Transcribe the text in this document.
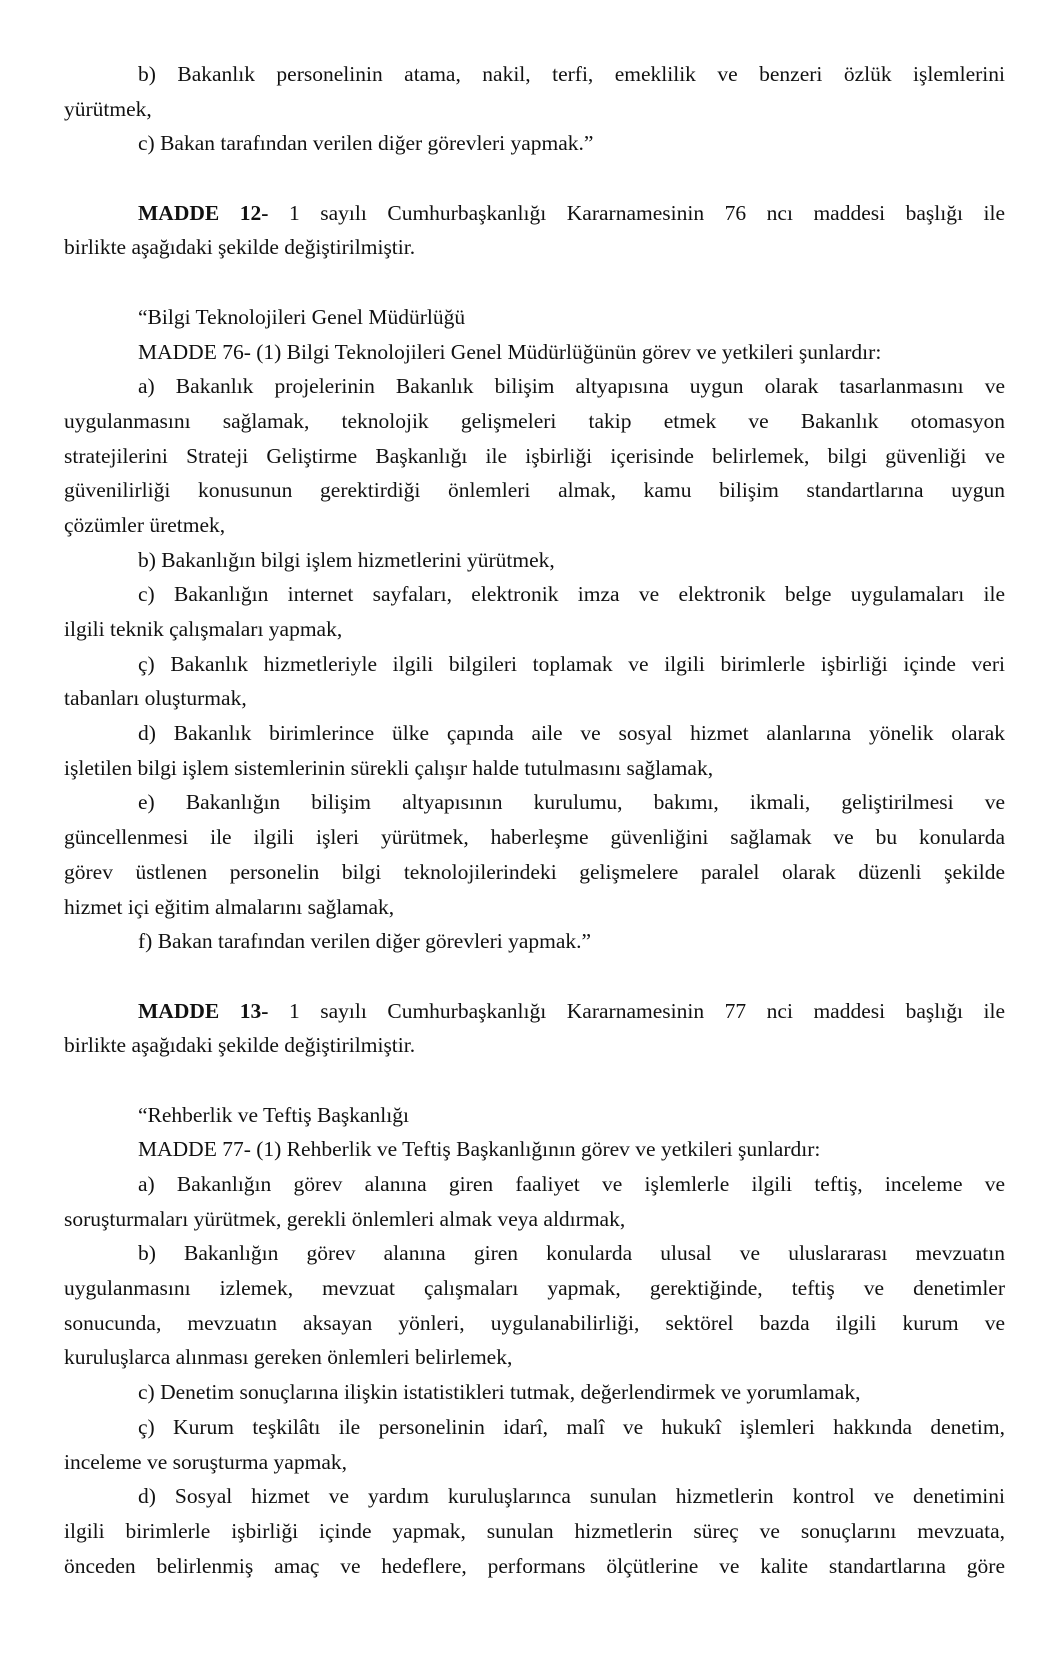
b) Bakanlık personelinin atama, nakil, terfi, emeklilik ve benzeri özlük işlemlerini
yürütmek,
c) Bakan tarafından verilen diğer görevleri yapmak.”
MADDE 12- 1 sayılı Cumhurbaşkanlığı Kararnamesinin 76 ncı maddesi başlığı ile
birlikte aşağıdaki şekilde değiştirilmiştir.
“Bilgi Teknolojileri Genel Müdürlüğü
MADDE 76- (1) Bilgi Teknolojileri Genel Müdürlüğünün görev ve yetkileri şunlardır:
a) Bakanlık projelerinin Bakanlık bilişim altyapısına uygun olarak tasarlanmasını ve
uygulanmasını sağlamak, teknolojik gelişmeleri takip etmek ve Bakanlık otomasyon
stratejilerini Strateji Geliştirme Başkanlığı ile işbirliği içerisinde belirlemek, bilgi güvenliği ve
güvenilirliği konusunun gerektirdiği önlemleri almak, kamu bilişim standartlarına uygun
çözümler üretmek,
b) Bakanlığın bilgi işlem hizmetlerini yürütmek,
c) Bakanlığın internet sayfaları, elektronik imza ve elektronik belge uygulamaları ile
ilgili teknik çalışmaları yapmak,
ç) Bakanlık hizmetleriyle ilgili bilgileri toplamak ve ilgili birimlerle işbirliği içinde veri
tabanları oluşturmak,
d) Bakanlık birimlerince ülke çapında aile ve sosyal hizmet alanlarına yönelik olarak
işletilen bilgi işlem sistemlerinin sürekli çalışır halde tutulmasını sağlamak,
e) Bakanlığın bilişim altyapısının kurulumu, bakımı, ikmali, geliştirilmesi ve
güncellenmesi ile ilgili işleri yürütmek, haberleşme güvenliğini sağlamak ve bu konularda
görev üstlenen personelin bilgi teknolojilerindeki gelişmelere paralel olarak düzenli şekilde
hizmet içi eğitim almalarını sağlamak,
f) Bakan tarafından verilen diğer görevleri yapmak.”
MADDE 13- 1 sayılı Cumhurbaşkanlığı Kararnamesinin 77 nci maddesi başlığı ile
birlikte aşağıdaki şekilde değiştirilmiştir.
“Rehberlik ve Teftiş Başkanlığı
MADDE 77- (1) Rehberlik ve Teftiş Başkanlığının görev ve yetkileri şunlardır:
a) Bakanlığın görev alanına giren faaliyet ve işlemlerle ilgili teftiş, inceleme ve
soruşturmaları yürütmek, gerekli önlemleri almak veya aldırmak,
b) Bakanlığın görev alanına giren konularda ulusal ve uluslararası mevzuatın
uygulanmasını izlemek, mevzuat çalışmaları yapmak, gerektiğinde, teftiş ve denetimler
sonucunda, mevzuatın aksayan yönleri, uygulanabilirliği, sektörel bazda ilgili kurum ve
kuruluşlarca alınması gereken önlemleri belirlemek,
c) Denetim sonuçlarına ilişkin istatistikleri tutmak, değerlendirmek ve yorumlamak,
ç) Kurum teşkilâtı ile personelinin idarî, malî ve hukukî işlemleri hakkında denetim,
inceleme ve soruşturma yapmak,
d) Sosyal hizmet ve yardım kuruluşlarınca sunulan hizmetlerin kontrol ve denetimini
ilgili birimlerle işbirliği içinde yapmak, sunulan hizmetlerin süreç ve sonuçlarını mevzuata,
önceden belirlenmiş amaç ve hedeflere, performans ölçütlerine ve kalite standartlarına göre
